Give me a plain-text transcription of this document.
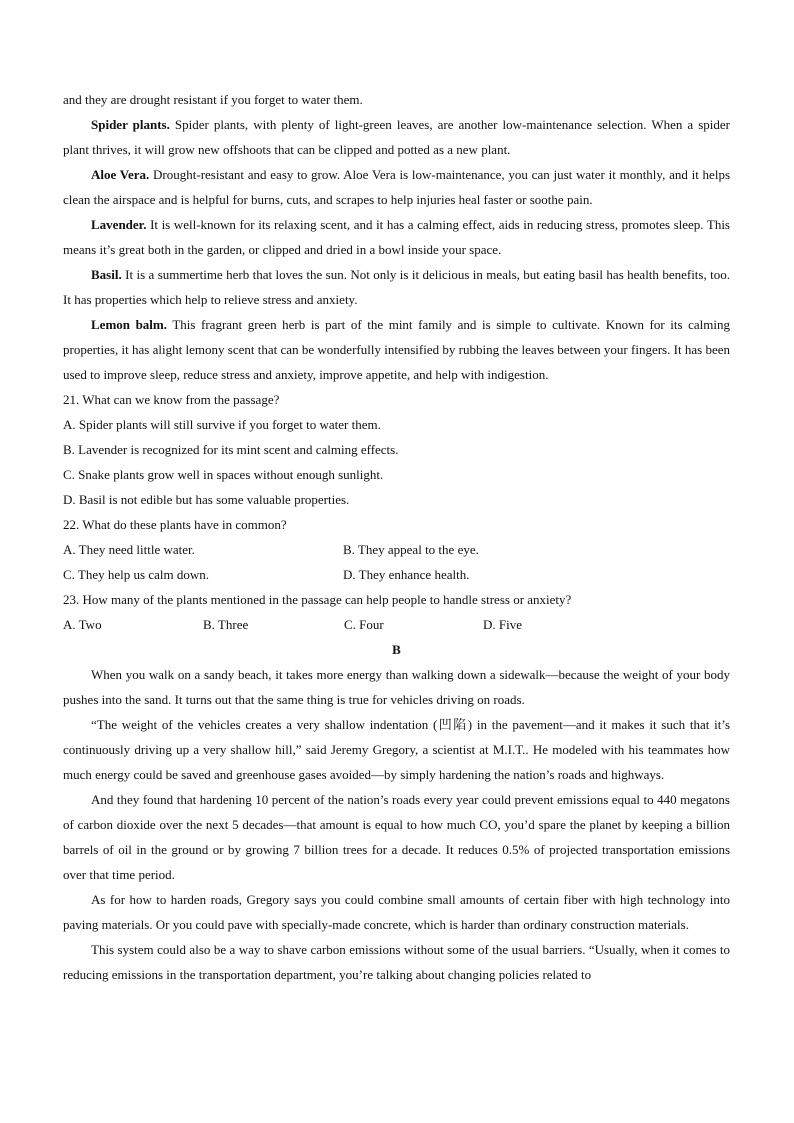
and they are drought resistant if you forget to water them.

Spider plants. Spider plants, with plenty of light-green leaves, are another low-maintenance selection. When a spider plant thrives, it will grow new offshoots that can be clipped and potted as a new plant.

Aloe Vera. Drought-resistant and easy to grow. Aloe Vera is low-maintenance, you can just water it monthly, and it helps clean the airspace and is helpful for burns, cuts, and scrapes to help injuries heal faster or soothe pain.

Lavender. It is well-known for its relaxing scent, and it has a calming effect, aids in reducing stress, promotes sleep. This means it’s great both in the garden, or clipped and dried in a bowl inside your space.

Basil. It is a summertime herb that loves the sun. Not only is it delicious in meals, but eating basil has health benefits, too. It has properties which help to relieve stress and anxiety.

Lemon balm. This fragrant green herb is part of the mint family and is simple to cultivate. Known for its calming properties, it has alight lemony scent that can be wonderfully intensified by rubbing the leaves between your fingers. It has been used to improve sleep, reduce stress and anxiety, improve appetite, and help with indigestion.

21. What can we know from the passage?

A. Spider plants will still survive if you forget to water them.

B. Lavender is recognized for its mint scent and calming effects.

C. Snake plants grow well in spaces without enough sunlight.

D. Basil is not edible but has some valuable properties.

22. What do these plants have in common?

A. They need little water.	B. They appeal to the eye.
C. They help us calm down.	D. They enhance health.

23. How many of the plants mentioned in the passage can help people to handle stress or anxiety?

A. Two	B. Three	C. Four	D. Five

B

When you walk on a sandy beach, it takes more energy than walking down a sidewalk—because the weight of your body pushes into the sand. It turns out that the same thing is true for vehicles driving on roads.

“The weight of the vehicles creates a very shallow indentation (凹陷) in the pavement—and it makes it such that it’s continuously driving up a very shallow hill,” said Jeremy Gregory, a scientist at M.I.T.. He modeled with his teammates how much energy could be saved and greenhouse gases avoided—by simply hardening the nation’s roads and highways.

And they found that hardening 10 percent of the nation’s roads every year could prevent emissions equal to 440 megatons of carbon dioxide over the next 5 decades—that amount is equal to how much CO, you’d spare the planet by keeping a billion barrels of oil in the ground or by growing 7 billion trees for a decade. It reduces 0.5% of projected transportation emissions over that time period.

As for how to harden roads, Gregory says you could combine small amounts of certain fiber with high technology into paving materials. Or you could pave with specially-made concrete, which is harder than ordinary construction materials.

This system could also be a way to shave carbon emissions without some of the usual barriers. “Usually, when it comes to reducing emissions in the transportation department, you’re talking about changing policies related to
